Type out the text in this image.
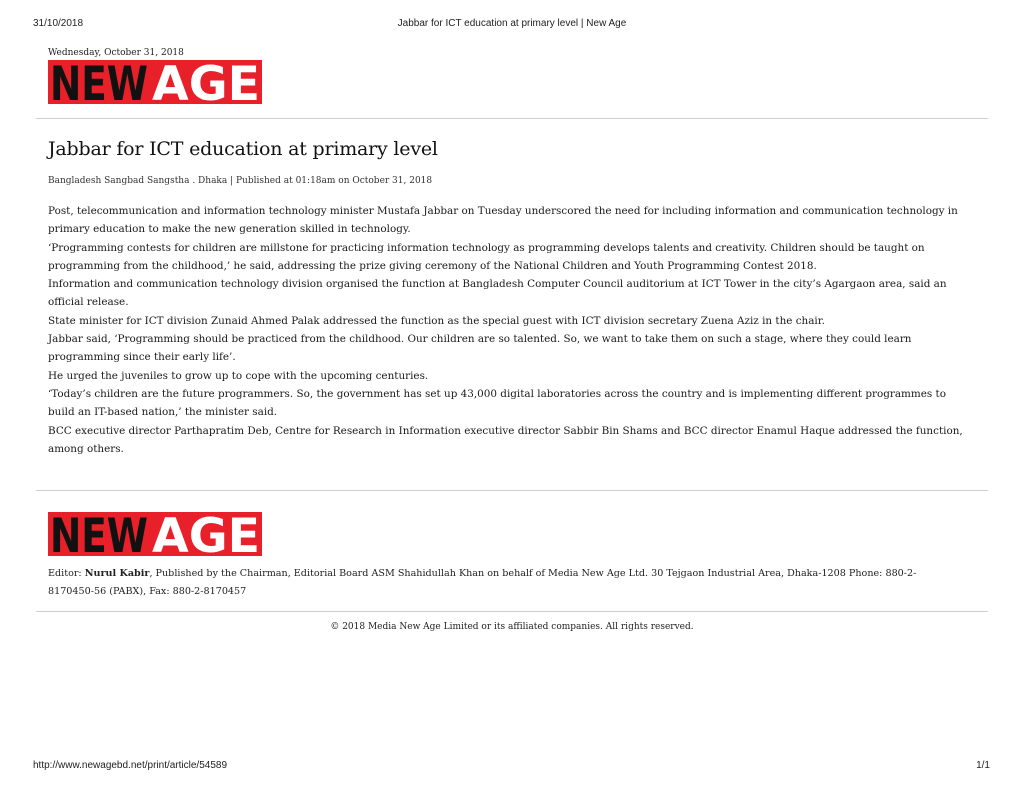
31/10/2018	Jabbar for ICT education at primary level | New Age
Wednesday, October 31, 2018
NEW AGE
Jabbar for ICT education at primary level
Bangladesh Sangbad Sangstha . Dhaka | Published at 01:18am on October 31, 2018

Post, telecommunication and information technology minister Mustafa Jabbar on Tuesday underscored the need for including information and communication technology in primary education to make the new generation skilled in technology.

‘Programming contests for children are millstone for practicing information technology as programming develops talents and creativity. Children should be taught on programming from the childhood,’ he said, addressing the prize giving ceremony of the National Children and Youth Programming Contest 2018.

Information and communication technology division organised the function at Bangladesh Computer Council auditorium at ICT Tower in the city’s Agargaon area, said an official release.

State minister for ICT division Zunaid Ahmed Palak addressed the function as the special guest with ICT division secretary Zuena Aziz in the chair.

Jabbar said, ‘Programming should be practiced from the childhood. Our children are so talented. So, we want to take them on such a stage, where they could learn programming since their early life’.

He urged the juveniles to grow up to cope with the upcoming centuries.

‘Today’s children are the future programmers. So, the government has set up 43,000 digital laboratories across the country and is implementing different programmes to build an IT-based nation,’ the minister said.

BCC executive director Parthapratim Deb, Centre for Research in Information executive director Sabbir Bin Shams and BCC director Enamul Haque addressed the function, among others.

NEW AGE
Editor: Nurul Kabir, Published by the Chairman, Editorial Board ASM Shahidullah Khan on behalf of Media New Age Ltd. 30 Tejgaon Industrial Area, Dhaka-1208 Phone: 880-2-8170450-56 (PABX), Fax: 880-2-8170457
© 2018 Media New Age Limited or its affiliated companies. All rights reserved.
http://www.newagebd.net/print/article/54589	1/1
